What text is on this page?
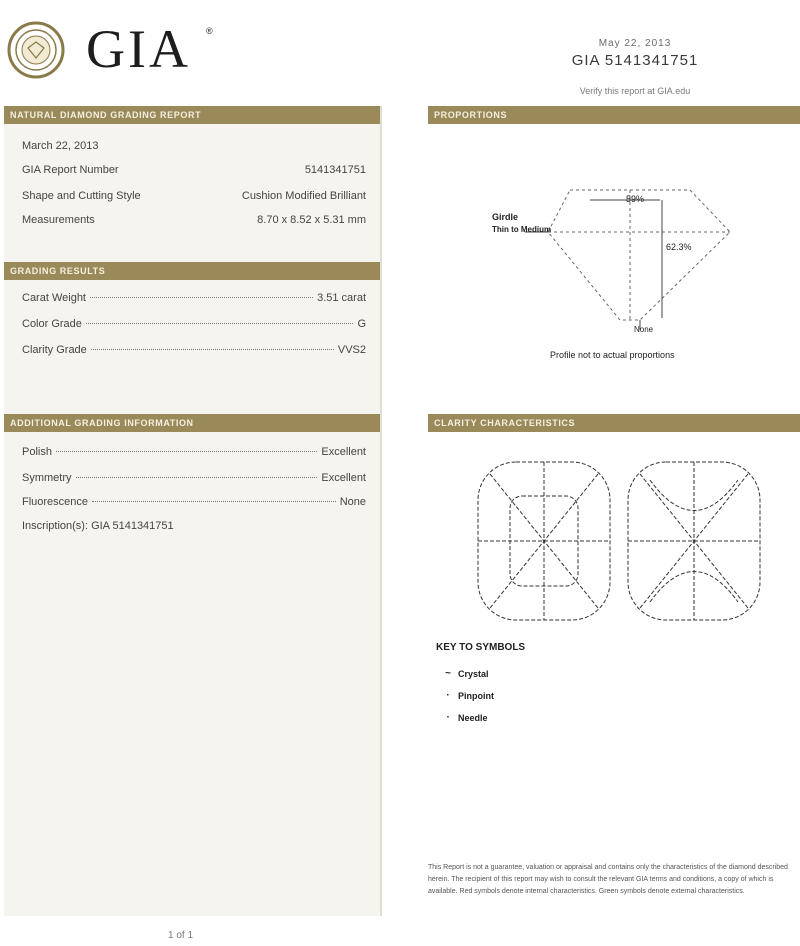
GIA ®
May 22, 2013
GIA 5141341751
Verify this report at GIA.edu
NATURAL DIAMOND GRADING REPORT
March 22, 2013
GIA Report Number	5141341751
Shape and Cutting Style	Cushion Modified Brilliant
Measurements	8.70 x 8.52 x 5.31 mm
GRADING RESULTS
Carat Weight	3.51 carat
Color Grade	G
Clarity Grade	VVS2
ADDITIONAL GRADING INFORMATION
Polish	Excellent
Symmetry	Excellent
Fluorescence	None
Inscription(s): GIA 5141341751
PROPORTIONS
CLARITY CHARACTERISTICS
Girdle
Thin to Medium
59%
62.3%
None
Profile not to actual proportions
KEY TO SYMBOLS
~ Crystal
· Pinpoint
∙ Needle
This Report is not a guarantee, valuation or appraisal and contains only the characteristics of the diamond described herein. The recipient of this report may wish to consult the relevant GIA terms and conditions, a copy of which is available. Red symbols denote internal characteristics. Green symbols denote external characteristics.
1 of 1
